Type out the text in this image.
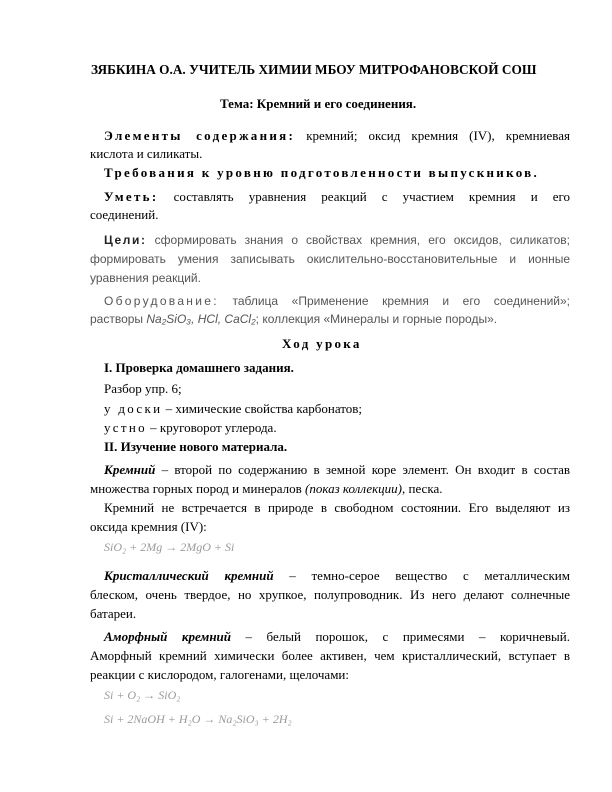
ЗЯБКИНА О.А. УЧИТЕЛЬ ХИМИИ МБОУ МИТРОФАНОВСКОЙ СОШ
Тема: Кремний и его соединения.
Элементы содержания: кремний; оксид кремния (IV), кремниевая
кислота и силикаты.
Требования к уровню подготовленности выпускников.
Уметь: составлять уравнения реакций с участием кремния и его
соединений.
Цели: сформировать знания о свойствах кремния, его оксидов, силикатов;
формировать умения записывать окислительно-восстановительные и ионные
уравнения реакций.
Оборудование: таблица «Применение кремния и его соединений»;
растворы Na₂SiO₃, HCl, CaCl₂; коллекция «Минералы и горные породы».
Ход урока
I. Проверка домашнего задания.
Разбор упр. 6;
у доски – химические свойства карбонатов;
устно – круговорот углерода.
II. Изучение нового материала.
Кремний – второй по содержанию в земной коре элемент. Он входит в состав
множества горных пород и минералов (показ коллекции), песка.
Кремний не встречается в природе в свободном состоянии. Его выделяют из
оксида кремния (IV):
SiO₂ + 2Mg → 2MgO + Si
Кристаллический кремний – темно-серое вещество с металлическим
блеском, очень твердое, но хрупкое, полупроводник. Из него делают солнечные
батареи.
Аморфный кремний – белый порошок, с примесями – коричневый.
Аморфный кремний химически более активен, чем кристаллический, вступает в
реакции с кислородом, галогенами, щелочами:
Si + O₂ → SiO₂
Si + 2NaOH + H₂O → Na₂SiO₃ + 2H₂
